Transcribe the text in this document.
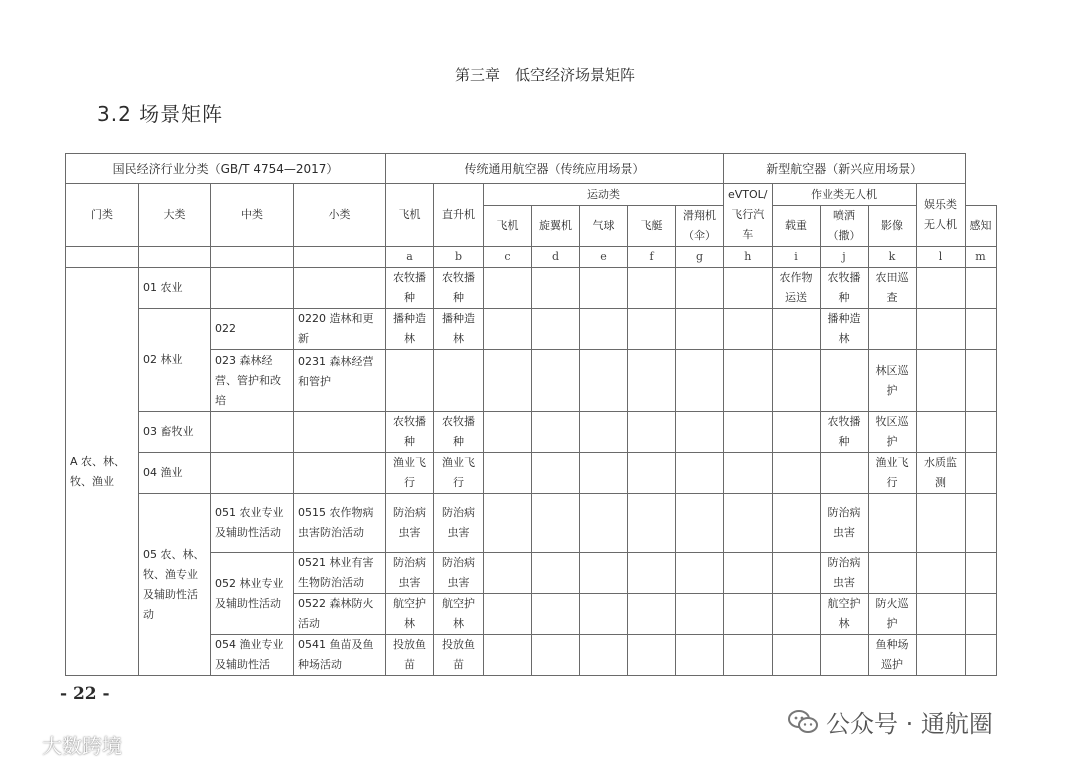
第三章　低空经济场景矩阵
3.2 场景矩阵
国民经济行业分类（GB/T 4754—2017）				传统通用航空器（传统应用场景）							新型航空器（新兴应用场景）					
门类	大类	中类	小类	飞机	直升机	运动类					eVTOL/飞行汽车	作业类无人机			娱乐类无人机	
						飞机	旋翼机	气球	飞艇	滑翔机（伞）		载重	喷洒（撒）	影像		感知
				a	b	c	d	e	f	g	h	i	j	k	l	m
A 农、林、牧、渔业	01 农业			农牧播种	农牧播种							农作物运送	农牧播种	农田巡查		
	02 林业	022	0220 造林和更新	播种造林	播种造林								播种造林			
		023 森林经营、管护和改培	0231 森林经营和管护											林区巡护		
	03 畜牧业			农牧播种	农牧播种								农牧播种	牧区巡护		
	04 渔业			渔业飞行	渔业飞行									渔业飞行	水质监测	
	05 农、林、牧、渔专业及辅助性活动	051 农业专业及辅助性活动	0515 农作物病虫害防治活动	防治病虫害	防治病虫害								防治病虫害			
		052 林业专业及辅助性活动	0521 林业有害生物防治活动	防治病虫害	防治病虫害								防治病虫害			
			0522 森林防火活动	航空护林	航空护林								航空护林	防火巡护		
		054 渔业专业及辅助性活	0541 鱼苗及鱼种场活动	投放鱼苗	投放鱼苗									鱼种场巡护		
- 22 -
公众号 · 通航圈
大数跨境
